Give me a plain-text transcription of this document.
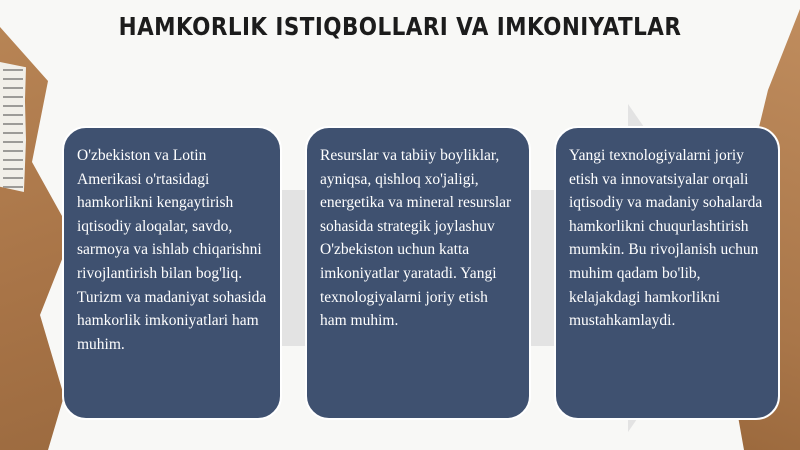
HAMKORLIK ISTIQBOLLARI VA IMKONIYATLAR
O'zbekiston va Lotin Amerikasi o'rtasidagi hamkorlikni kengaytirish iqtisodiy aloqalar, savdo, sarmoya va ishlab chiqarishni rivojlantirish bilan bog'liq. Turizm va madaniyat sohasida hamkorlik imkoniyatlari ham muhim.
Resurslar va tabiiy boyliklar, ayniqsa, qishloq xo'jaligi, energetika va mineral resurslar sohasida strategik joylashuv O'zbekiston uchun katta imkoniyatlar yaratadi. Yangi texnologiyalarni joriy etish ham muhim.
Yangi texnologiyalarni joriy etish va innovatsiyalar orqali iqtisodiy va madaniy sohalarda hamkorlikni chuqurlashtirish mumkin. Bu rivojlanish uchun muhim qadam bo'lib, kelajakdagi hamkorlikni mustahkamlaydi.
